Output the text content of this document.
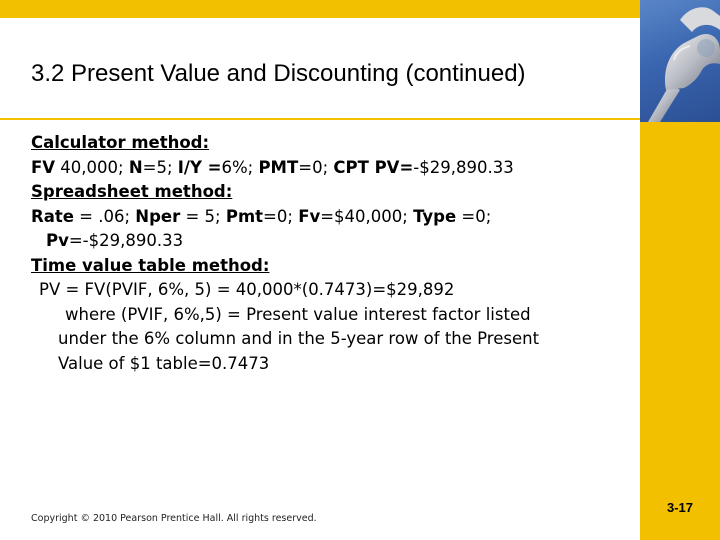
3.2 Present Value and Discounting (continued)
Calculator method:
FV 40,000; N=5; I/Y =6%; PMT=0; CPT PV=-$29,890.33
Spreadsheet method:
Rate = .06; Nper = 5; Pmt=0; Fv=$40,000; Type =0;
Pv=-$29,890.33
Time value table method:
PV = FV(PVIF, 6%, 5) = 40,000*(0.7473)=$29,892
where (PVIF, 6%,5) = Present value interest factor listed
under the 6% column and in the 5-year row of the Present
Value of $1 table=0.7473
Copyright © 2010 Pearson Prentice Hall. All rights reserved.
3-17
